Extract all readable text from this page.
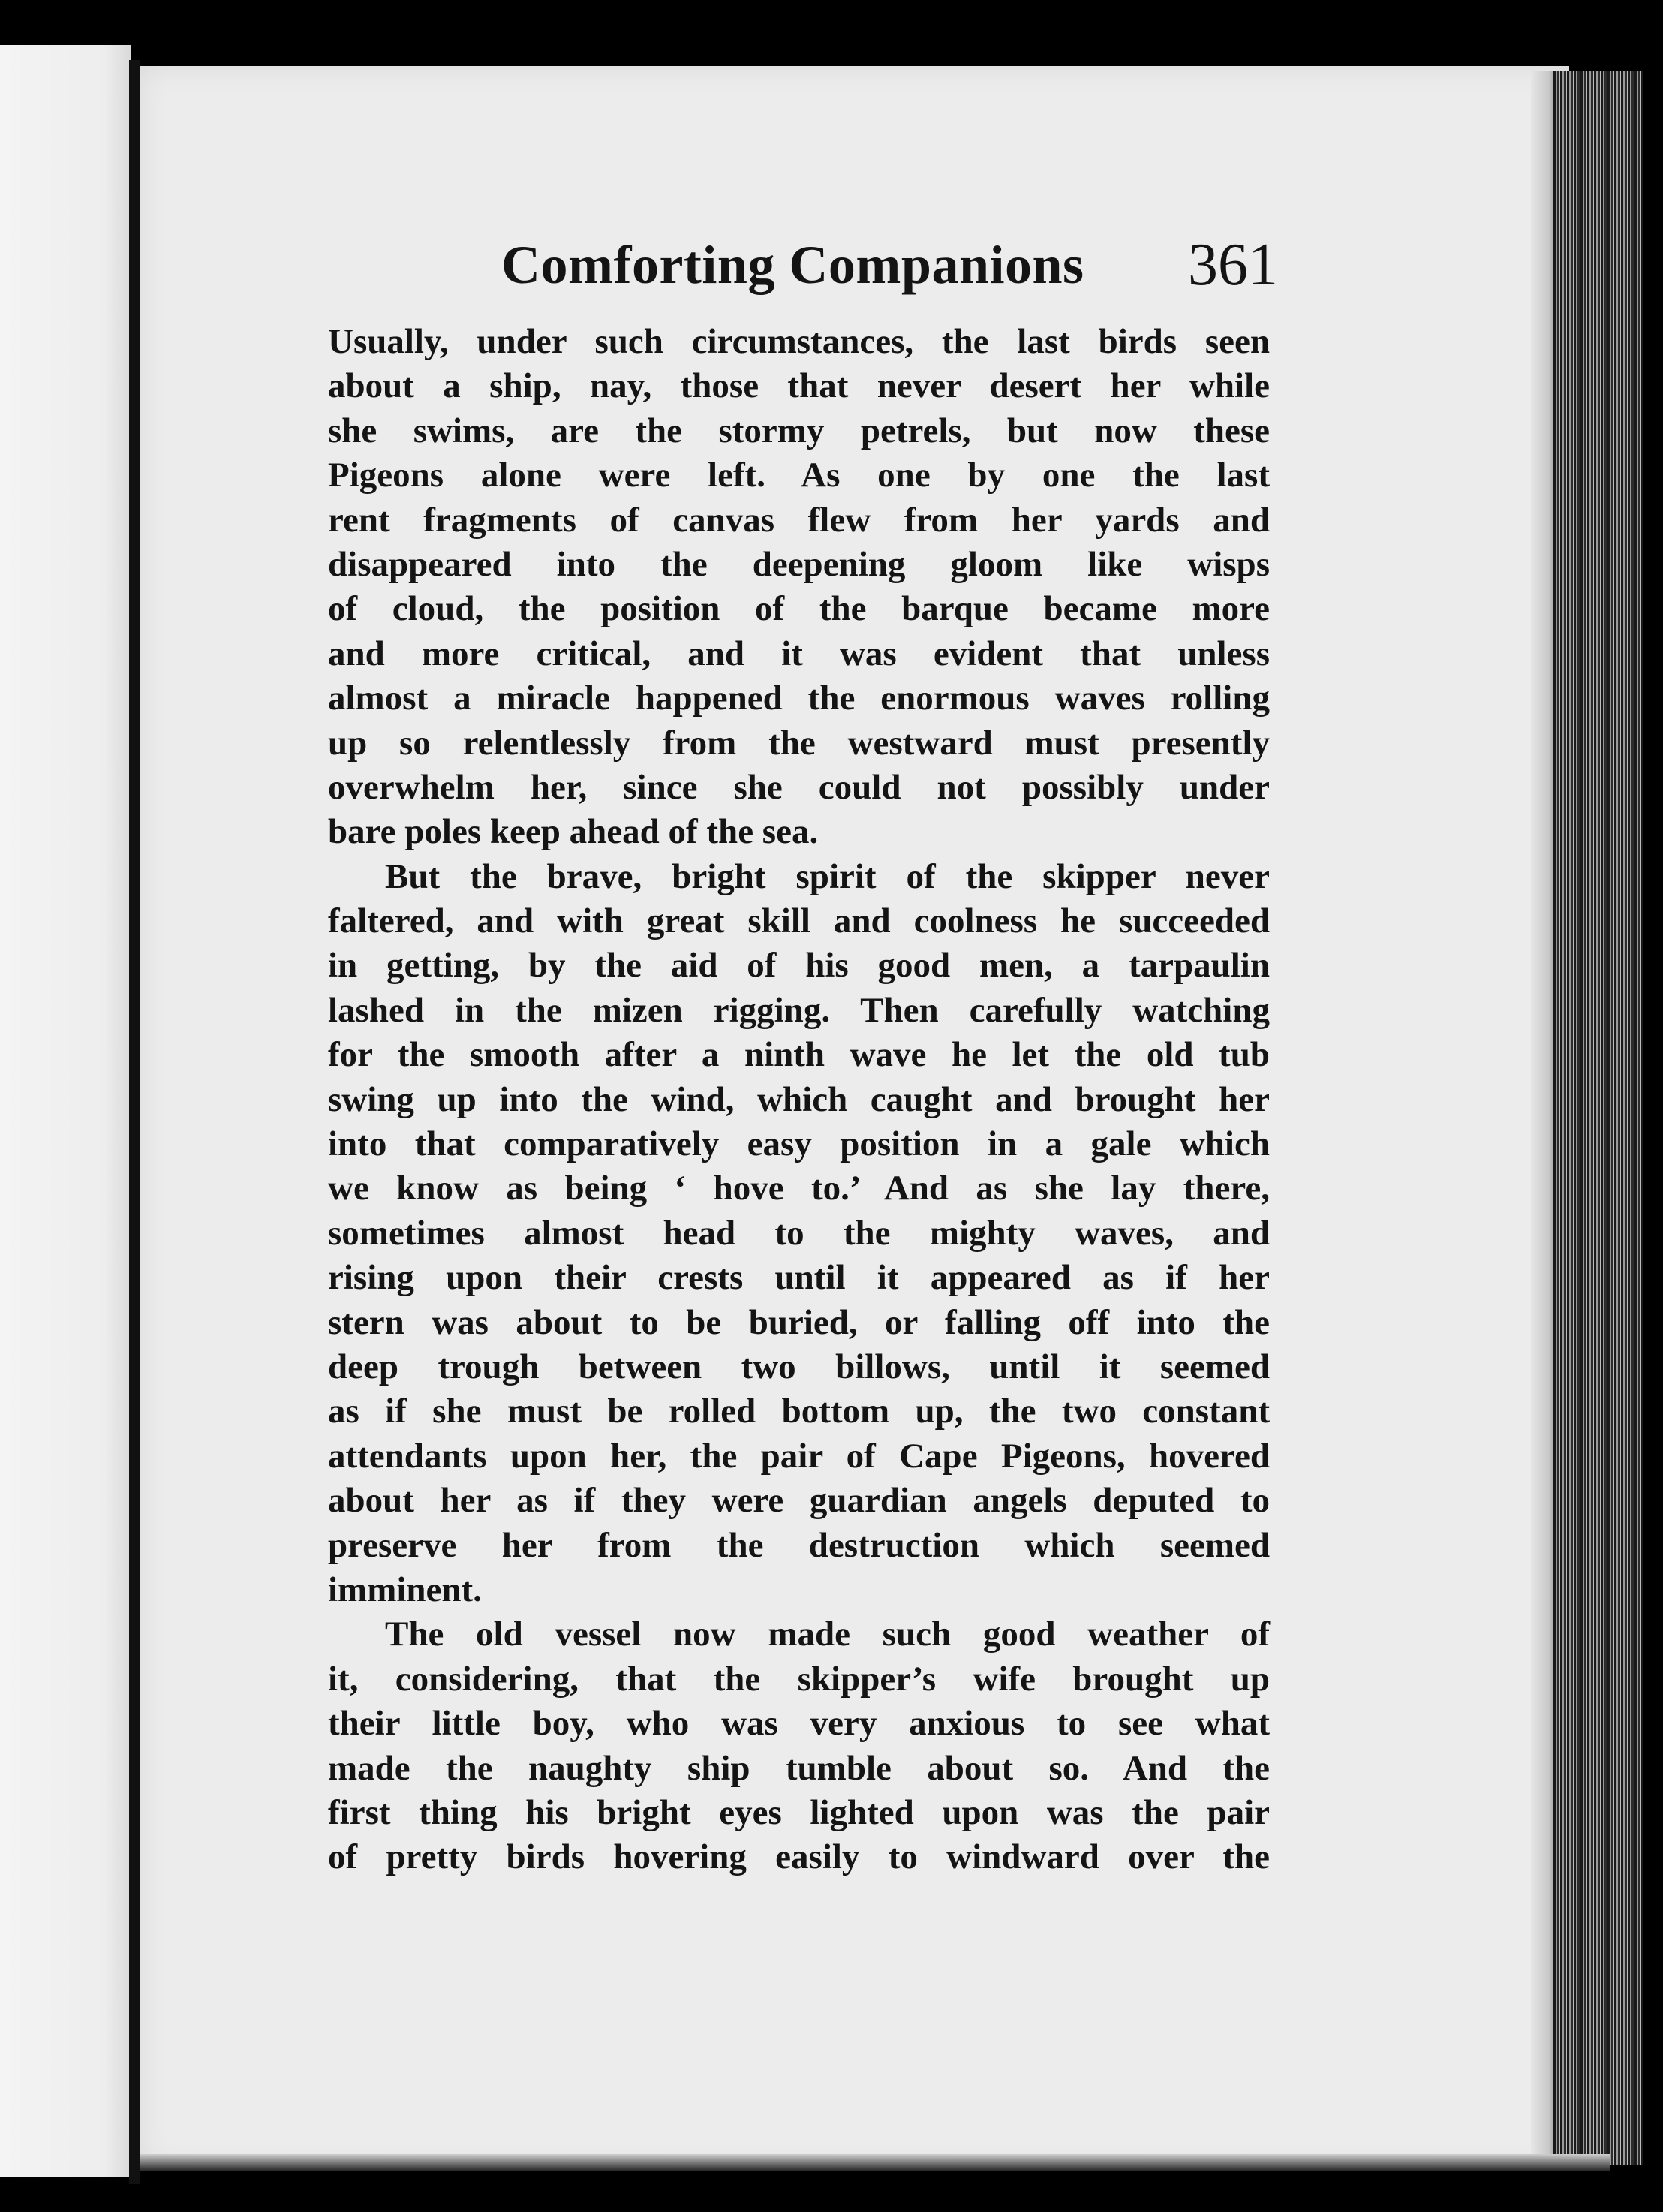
Comforting Companions 361
Usually, under such circumstances, the last birds seen
about a ship, nay, those that never desert her while
she swims, are the stormy petrels, but now these
Pigeons alone were left. As one by one the last
rent fragments of canvas flew from her yards and
disappeared into the deepening gloom like wisps
of cloud, the position of the barque became more
and more critical, and it was evident that unless
almost a miracle happened the enormous waves rolling
up so relentlessly from the westward must presently
overwhelm her, since she could not possibly under
bare poles keep ahead of the sea.
But the brave, bright spirit of the skipper never
faltered, and with great skill and coolness he succeeded
in getting, by the aid of his good men, a tarpaulin
lashed in the mizen rigging. Then carefully watching
for the smooth after a ninth wave he let the old tub
swing up into the wind, which caught and brought her
into that comparatively easy position in a gale which
we know as being ‘ hove to.’ And as she lay there,
sometimes almost head to the mighty waves, and
rising upon their crests until it appeared as if her
stern was about to be buried, or falling off into the
deep trough between two billows, until it seemed
as if she must be rolled bottom up, the two constant
attendants upon her, the pair of Cape Pigeons, hovered
about her as if they were guardian angels deputed to
preserve her from the destruction which seemed
imminent.
The old vessel now made such good weather of
it, considering, that the skipper’s wife brought up
their little boy, who was very anxious to see what
made the naughty ship tumble about so. And the
first thing his bright eyes lighted upon was the pair
of pretty birds hovering easily to windward over the
